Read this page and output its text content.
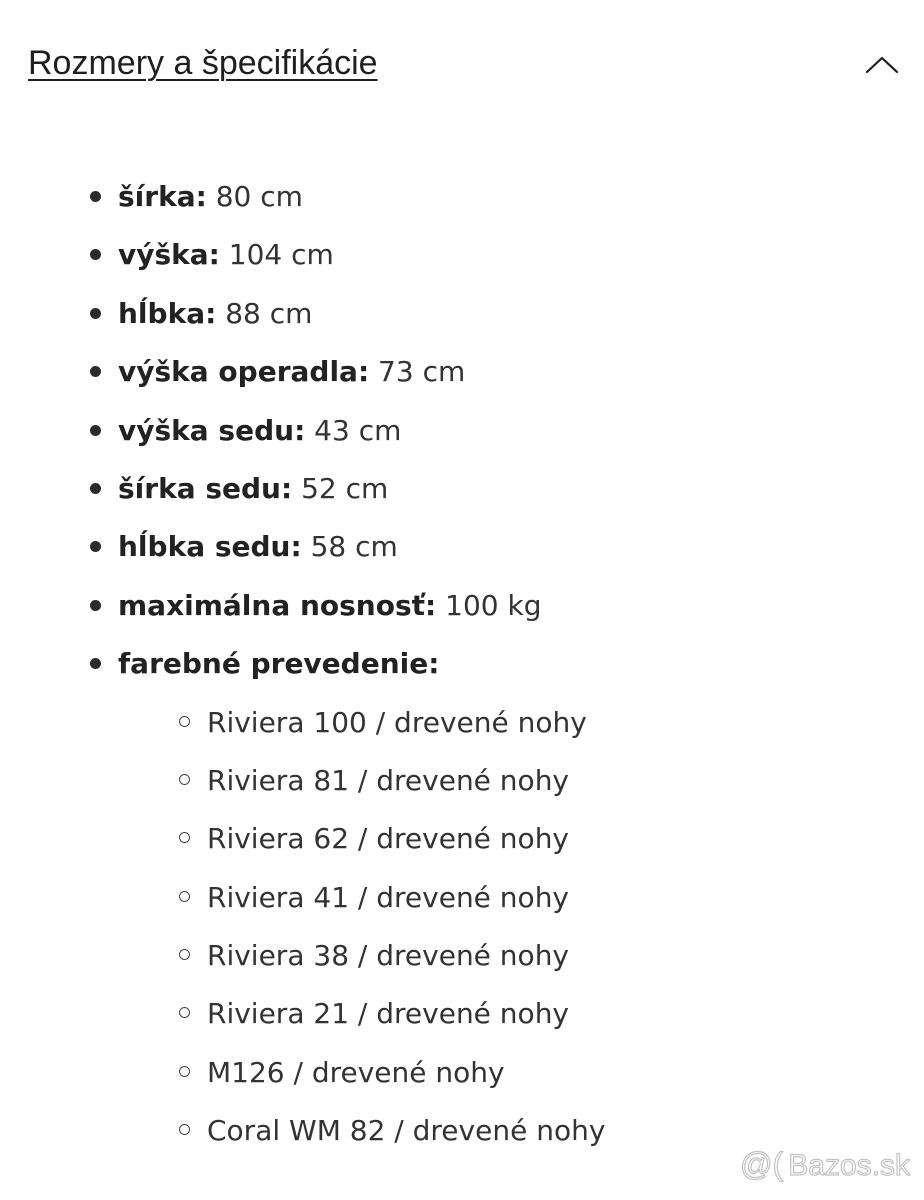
Rozmery a špecifikácie
šírka: 80 cm
výška: 104 cm
hĺbka: 88 cm
výška operadla: 73 cm
výška sedu: 43 cm
šírka sedu: 52 cm
hĺbka sedu: 58 cm
maximálna nosnosť: 100 kg
farebné prevedenie:
Riviera 100 / drevené nohy
Riviera 81 / drevené nohy
Riviera 62 / drevené nohy
Riviera 41 / drevené nohy
Riviera 38 / drevené nohy
Riviera 21 / drevené nohy
M126 / drevené nohy
Coral WM 82 / drevené nohy
@( Bazos.sk
